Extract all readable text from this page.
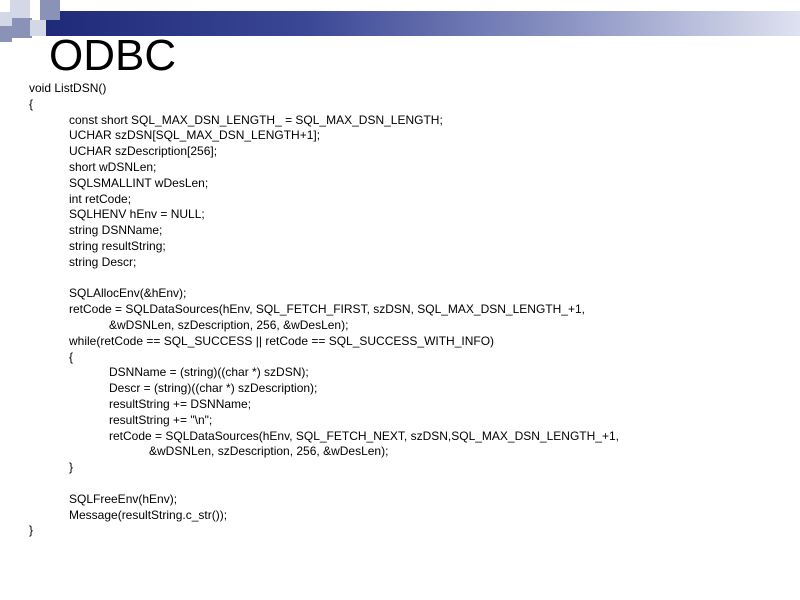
ODBC
void ListDSN()
{
const short SQL_MAX_DSN_LENGTH_ = SQL_MAX_DSN_LENGTH;
UCHAR szDSN[SQL_MAX_DSN_LENGTH+1];
UCHAR szDescription[256];
short wDSNLen;
SQLSMALLINT wDesLen;
int retCode;
SQLHENV hEnv = NULL;
string DSNName;
string resultString;
string Descr;
SQLAllocEnv(&hEnv);
retCode = SQLDataSources(hEnv, SQL_FETCH_FIRST, szDSN, SQL_MAX_DSN_LENGTH_+1,
&wDSNLen, szDescription, 256, &wDesLen);
while(retCode == SQL_SUCCESS || retCode == SQL_SUCCESS_WITH_INFO)
{
DSNName = (string)((char *) szDSN);
Descr = (string)((char *) szDescription);
resultString += DSNName;
resultString += "\n";
retCode = SQLDataSources(hEnv, SQL_FETCH_NEXT, szDSN,SQL_MAX_DSN_LENGTH_+1,
&wDSNLen, szDescription, 256, &wDesLen);
}
SQLFreeEnv(hEnv);
Message(resultString.c_str());
}
